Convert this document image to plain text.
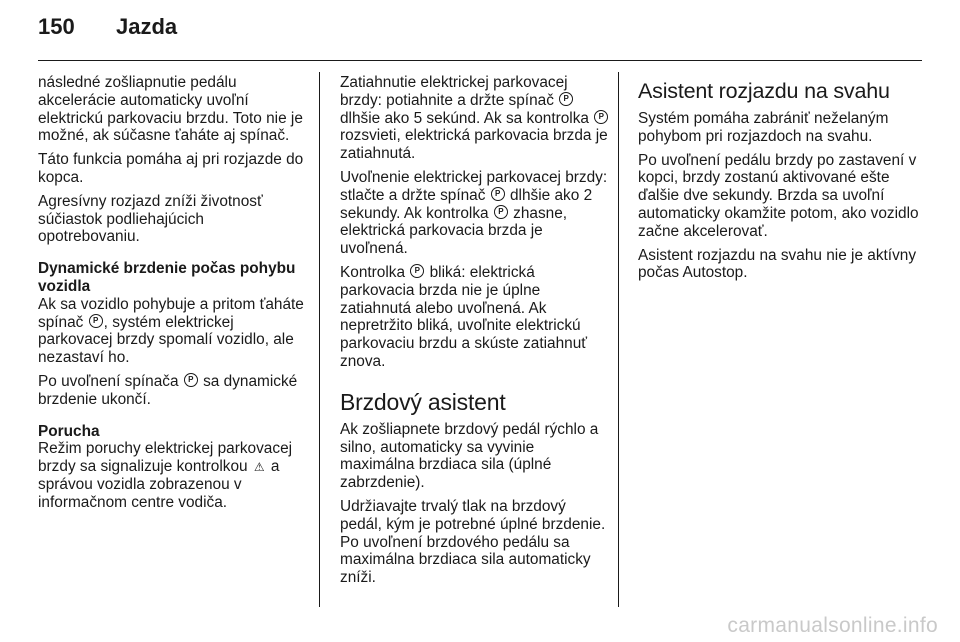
150	Jazda

následné zošliapnutie pedálu akcelerácie automaticky uvoľní elektrickú parkovaciu brzdu. Toto nie je možné, ak súčasne ťaháte aj spínač.

Táto funkcia pomáha aj pri rozjazde do kopca.

Agresívny rozjazd zníži životnosť súčiastok podliehajúcich opotrebovaniu.

Dynamické brzdenie počas pohybu vozidla

Ak sa vozidlo pohybuje a pritom ťaháte spínač P , systém elektrickej parkovacej brzdy spomalí vozidlo, ale nezastaví ho.

Po uvoľnení spínača P sa dynamické brzdenie ukončí.

Porucha

Režim poruchy elektrickej parkovacej brzdy sa signalizuje kontrolkou ⚠ a správou vozidla zobrazenou v informačnom centre vodiča.

Zatiahnutie elektrickej parkovacej brzdy: potiahnite a držte spínač P dlhšie ako 5 sekúnd. Ak sa kontrolka P rozsvieti, elektrická parkovacia brzda je zatiahnutá.

Uvoľnenie elektrickej parkovacej brzdy: stlačte a držte spínač P dlhšie ako 2 sekundy. Ak kontrolka P zhasne, elektrická parkovacia brzda je uvoľnená.

Kontrolka P bliká: elektrická parkovacia brzda nie je úplne zatiahnutá alebo uvoľnená. Ak nepretržito bliká, uvoľnite elektrickú parkovaciu brzdu a skúste zatiahnuť znova.

Brzdový asistent

Ak zošliapnete brzdový pedál rýchlo a silno, automaticky sa vyvinie maximálna brzdiaca sila (úplné zabrzdenie).

Udržiavajte trvalý tlak na brzdový pedál, kým je potrebné úplné brzdenie. Po uvoľnení brzdového pedálu sa maximálna brzdiaca sila automaticky zníži.

Asistent rozjazdu na svahu

Systém pomáha zabrániť neželaným pohybom pri rozjazdoch na svahu.

Po uvoľnení pedálu brzdy po zastavení v kopci, brzdy zostanú aktivované ešte ďalšie dve sekundy. Brzda sa uvoľní automaticky okamžite potom, ako vozidlo začne akcelerovať.

Asistent rozjazdu na svahu nie je aktívny počas Autostop.

carmanualsonline.info
